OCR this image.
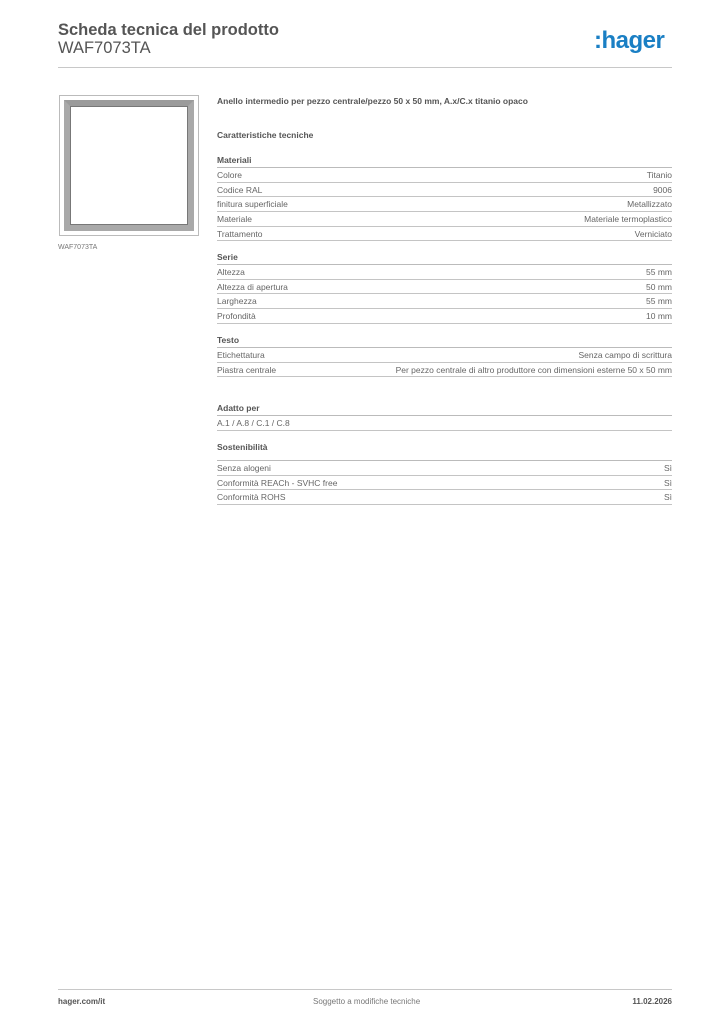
Scheda tecnica del prodotto
WAF7073TA	:hager
WAF7073TA
Anello intermedio per pezzo centrale/pezzo 50 x 50 mm, A.x/C.x titanio opaco
Caratteristiche tecniche
Materiali
Colore	Titanio
Codice RAL	9006
finitura superficiale	Metallizzato
Materiale	Materiale termoplastico
Trattamento	Verniciato
Serie
Altezza	55 mm
Altezza di apertura	50 mm
Larghezza	55 mm
Profondità	10 mm
Testo
Etichettatura	Senza campo di scrittura
Piastra centrale	Per pezzo centrale di altro produttore con dimensioni esterne 50 x 50 mm
Adatto per
A.1 / A.8 / C.1 / C.8
Sostenibilità
Senza alogeni	Sì
Conformità REACh - SVHC free	Sì
Conformità ROHS	Sì
hager.com/it	Soggetto a modifiche tecniche	11.02.2026
